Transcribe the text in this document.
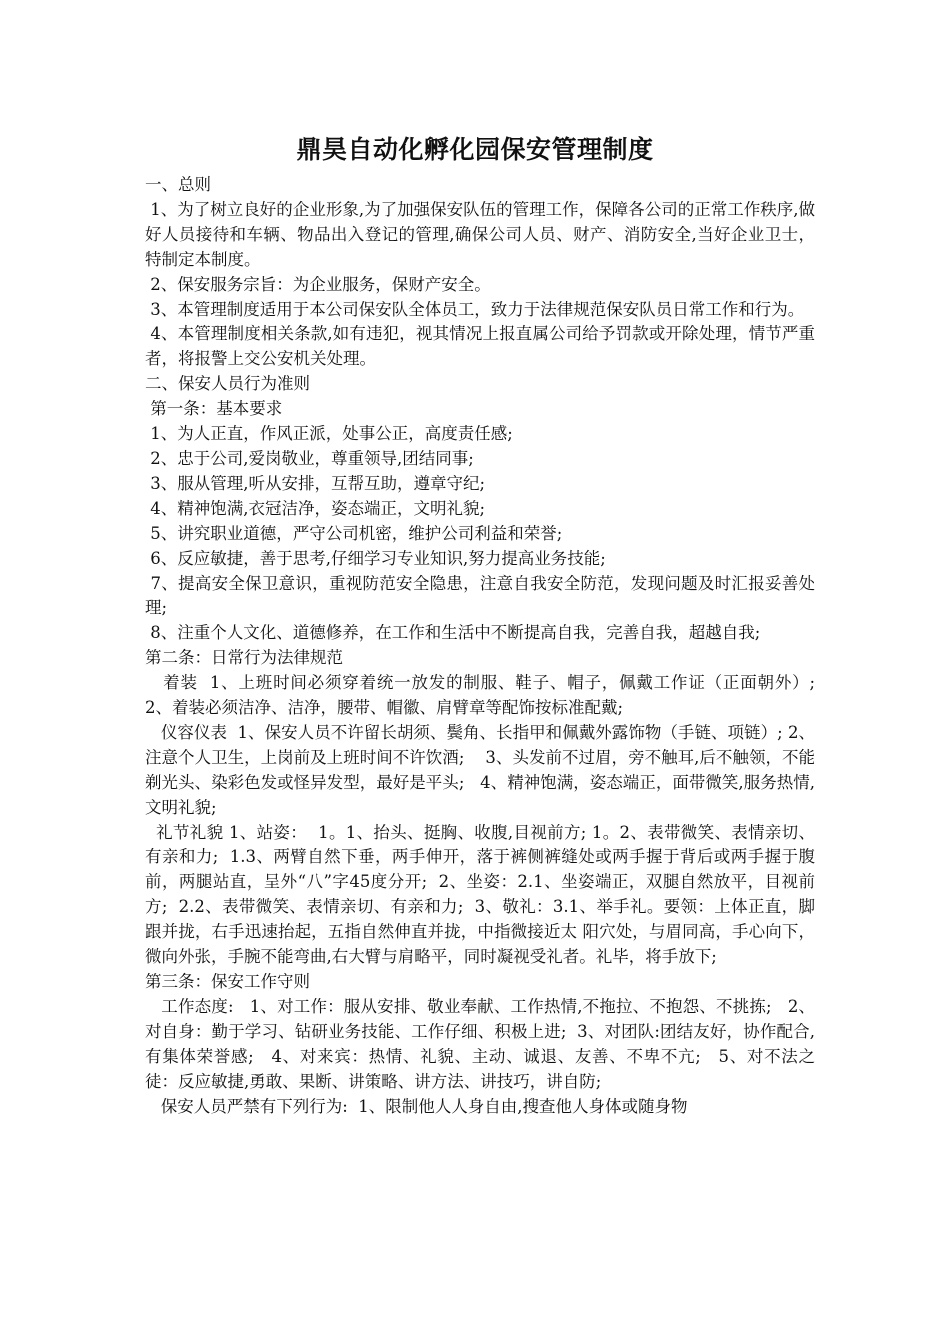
鼎昊自动化孵化园保安管理制度

一、总则

1、为了树立良好的企业形象,为了加强保安队伍的管理工作，保障各公司的正常工作秩序,做好人员接待和车辆、物品出入登记的管理,确保公司人员、财产、消防安全,当好企业卫士，特制定本制度。

2、保安服务宗旨：为企业服务，保财产安全。

3、本管理制度适用于本公司保安队全体员工，致力于法律规范保安队员日常工作和行为。

4、本管理制度相关条款,如有违犯，视其情况上报直属公司给予罚款或开除处理，情节严重者，将报警上交公安机关处理。

二、保安人员行为准则

第一条：基本要求

1、为人正直，作风正派，处事公正，高度责任感;

2、忠于公司,爱岗敬业，尊重领导,团结同事;

3、服从管理,听从安排，互帮互助，遵章守纪;

4、精神饱满,衣冠洁净，姿态端正，文明礼貌;

5、讲究职业道德，严守公司机密，维护公司利益和荣誉;

6、反应敏捷，善于思考,仔细学习专业知识,努力提高业务技能;

7、提高安全保卫意识，重视防范安全隐患，注意自我安全防范，发现问题及时汇报妥善处理;

8、注重个人文化、道德修养，在工作和生活中不断提高自我，完善自我，超越自我;

第二条：日常行为法律规范

着装  1、上班时间必须穿着统一放发的制服、鞋子、帽子，佩戴工作证（正面朝外）;  2、着装必须洁净、洁净，腰带、帽徽、肩臂章等配饰按标准配戴;

仪容仪表  1、保安人员不许留长胡须、鬓角、长指甲和佩戴外露饰物（手链、项链）; 2、注意个人卫生，上岗前及上班时间不许饮酒;    3、头发前不过眉，旁不触耳,后不触领，不能剃光头、染彩色发或怪异发型，最好是平头;   4、精神饱满，姿态端正，面带微笑,服务热情,文明礼貌;

礼节礼貌 1、站姿：  1。1、抬头、挺胸、收腹,目视前方; 1。2、表带微笑、表情亲切、有亲和力;  1.3、两臂自然下垂，两手伸开，落于裤侧裤缝处或两手握于背后或两手握于腹前，两腿站直，呈外“八”字45度分开;  2、坐姿：2.1、坐姿端正，双腿自然放平，目视前方;  2.2、表带微笑、表情亲切、有亲和力;  3、敬礼：3.1、举手礼。要领：上体正直，脚跟并拢，右手迅速抬起，五指自然伸直并拢，中指微接近太 阳穴处，与眉同高，手心向下，微向外张，手腕不能弯曲,右大臂与肩略平，同时凝视受礼者。礼毕，将手放下;

第三条：保安工作守则

工作态度:   1、对工作：服从安排、敬业奉献、工作热情,不拖拉、不抱怨、不挑拣;   2、对自身：勤于学习、钻研业务技能、工作仔细、积极上进;  3、对团队:团结友好，协作配合,有集体荣誉感;   4、对来宾：热情、礼貌、主动、诚退、友善、不卑不亢;   5、对不法之徒：反应敏捷,勇敢、果断、讲策略、讲方法、讲技巧，讲自防;

保安人员严禁有下列行为:  1、限制他人人身自由,搜查他人身体或随身物
